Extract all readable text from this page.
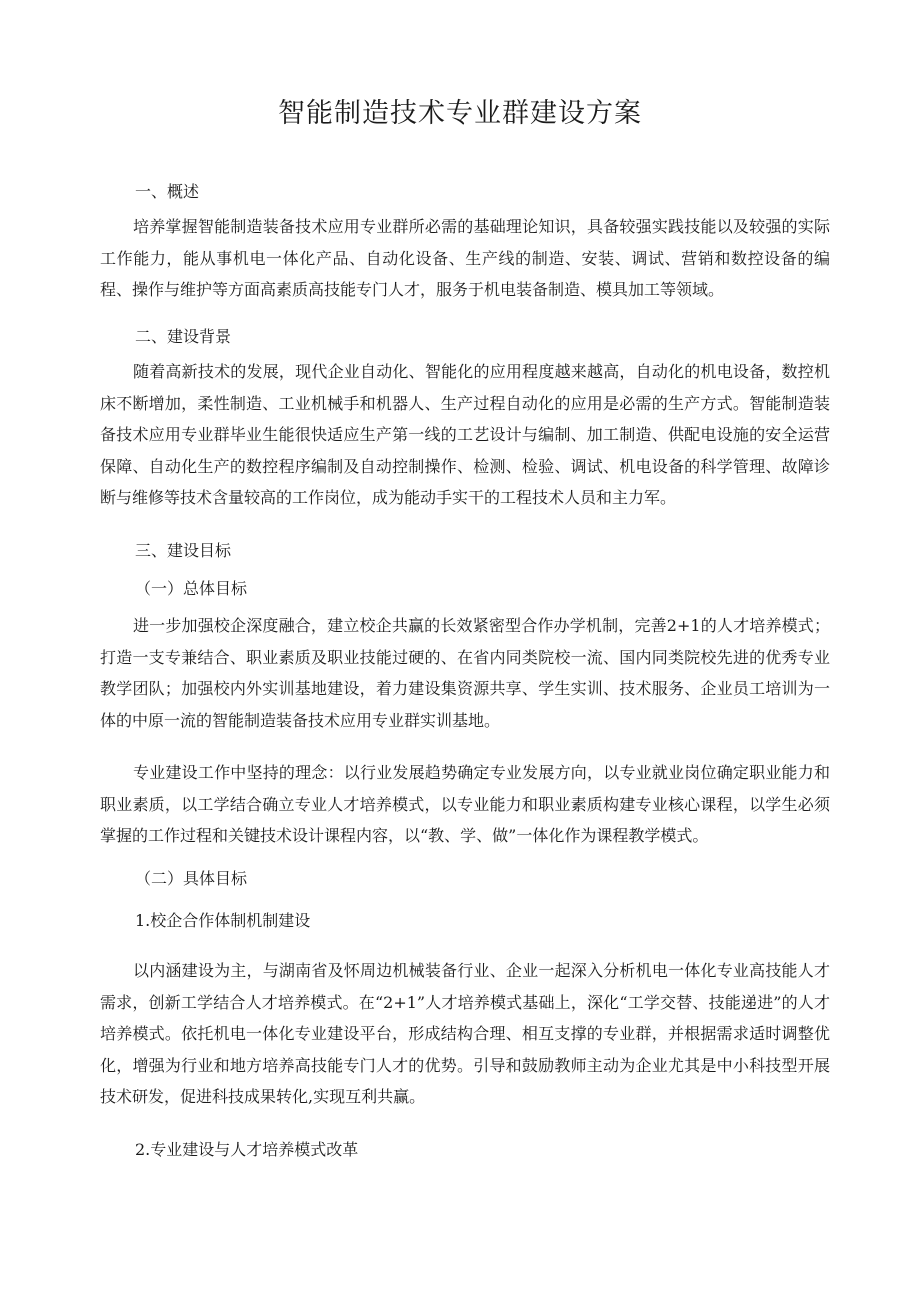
智能制造技术专业群建设方案
一、概述

培养掌握智能制造装备技术应用专业群所必需的基础理论知识，具备较强实践技能以及较强的实际工作能力，能从事机电一体化产品、自动化设备、生产线的制造、安装、调试、营销和数控设备的编程、操作与维护等方面高素质高技能专门人才，服务于机电装备制造、模具加工等领域。

二、建设背景

随着高新技术的发展，现代企业自动化、智能化的应用程度越来越高，自动化的机电设备，数控机床不断增加，柔性制造、工业机械手和机器人、生产过程自动化的应用是必需的生产方式。智能制造装备技术应用专业群毕业生能很快适应生产第一线的工艺设计与编制、加工制造、供配电设施的安全运营保障、自动化生产的数控程序编制及自动控制操作、检测、检验、调试、机电设备的科学管理、故障诊断与维修等技术含量较高的工作岗位，成为能动手实干的工程技术人员和主力军。

三、建设目标
（一）总体目标

进一步加强校企深度融合，建立校企共赢的长效紧密型合作办学机制，完善2+1的人才培养模式；打造一支专兼结合、职业素质及职业技能过硬的、在省内同类院校一流、国内同类院校先进的优秀专业教学团队；加强校内外实训基地建设，着力建设集资源共享、学生实训、技术服务、企业员工培训为一体的中原一流的智能制造装备技术应用专业群实训基地。

专业建设工作中坚持的理念：以行业发展趋势确定专业发展方向，以专业就业岗位确定职业能力和职业素质，以工学结合确立专业人才培养模式，以专业能力和职业素质构建专业核心课程，以学生必须掌握的工作过程和关键技术设计课程内容，以“教、学、做”一体化作为课程教学模式。

（二）具体目标
1.校企合作体制机制建设

以内涵建设为主，与湖南省及怀周边机械装备行业、企业一起深入分析机电一体化专业高技能人才需求，创新工学结合人才培养模式。在“2+1”人才培养模式基础上，深化“工学交替、技能递进”的人才培养模式。依托机电一体化专业建设平台，形成结构合理、相互支撑的专业群，并根据需求适时调整优化，增强为行业和地方培养高技能专门人才的优势。引导和鼓励教师主动为企业尤其是中小科技型开展技术研发，促进科技成果转化,实现互利共赢。

2.专业建设与人才培养模式改革
